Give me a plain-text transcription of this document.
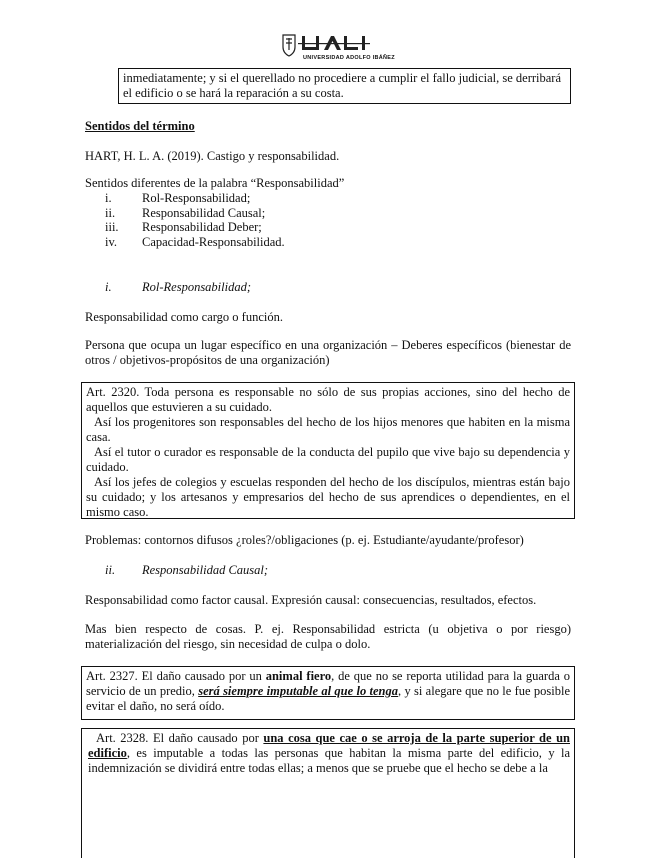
UNIVERSIDAD ADOLFO IBÁÑEZ

inmediatamente; y si el querellado no procediere a cumplir el fallo judicial, se derribará

el edificio o se hará la reparación a su costa.

Sentidos del término
HART, H. L. A. (2019). Castigo y responsabilidad.
Sentidos diferentes de la palabra “Responsabilidad”
i. Rol-Responsabilidad;
ii. Responsabilidad Causal;
iii. Responsabilidad Deber;
iv. Capacidad-Responsabilidad.
i. Rol-Responsabilidad;
Responsabilidad como cargo o función.
Persona que ocupa un lugar específico en una organización – Deberes específicos (bienestar de otros / objetivos-propósitos de una organización)

Art. 2320. Toda persona es responsable no sólo de sus propias acciones, sino del hecho de aquellos que estuvieren a su cuidado.

Así los progenitores son responsables del hecho de los hijos menores que habiten en la misma casa.

Así el tutor o curador es responsable de la conducta del pupilo que vive bajo su dependencia y cuidado.

Así los jefes de colegios y escuelas responden del hecho de los discípulos, mientras están bajo su cuidado; y los artesanos y empresarios del hecho de sus aprendices o dependientes, en el mismo caso.

Problemas: contornos difusos ¿roles?/obligaciones (p. ej. Estudiante/ayudante/profesor)
ii. Responsabilidad Causal;
Responsabilidad como factor causal. Expresión causal: consecuencias, resultados, efectos.
Mas bien respecto de cosas. P. ej. Responsabilidad estricta (u objetiva o por riesgo) materialización del riesgo, sin necesidad de culpa o dolo.

Art. 2327. El daño causado por un animal fiero, de que no se reporta utilidad para la guarda o servicio de un predio, será siempre imputable al que lo tenga, y si alegare que no le fue posible evitar el daño, no será oído.

Art. 2328. El daño causado por una cosa que cae o se arroja de la parte superior de un edificio, es imputable a todas las personas que habitan la misma parte del edificio, y la indemnización se dividirá entre todas ellas; a menos que se pruebe que el hecho se debe a la
